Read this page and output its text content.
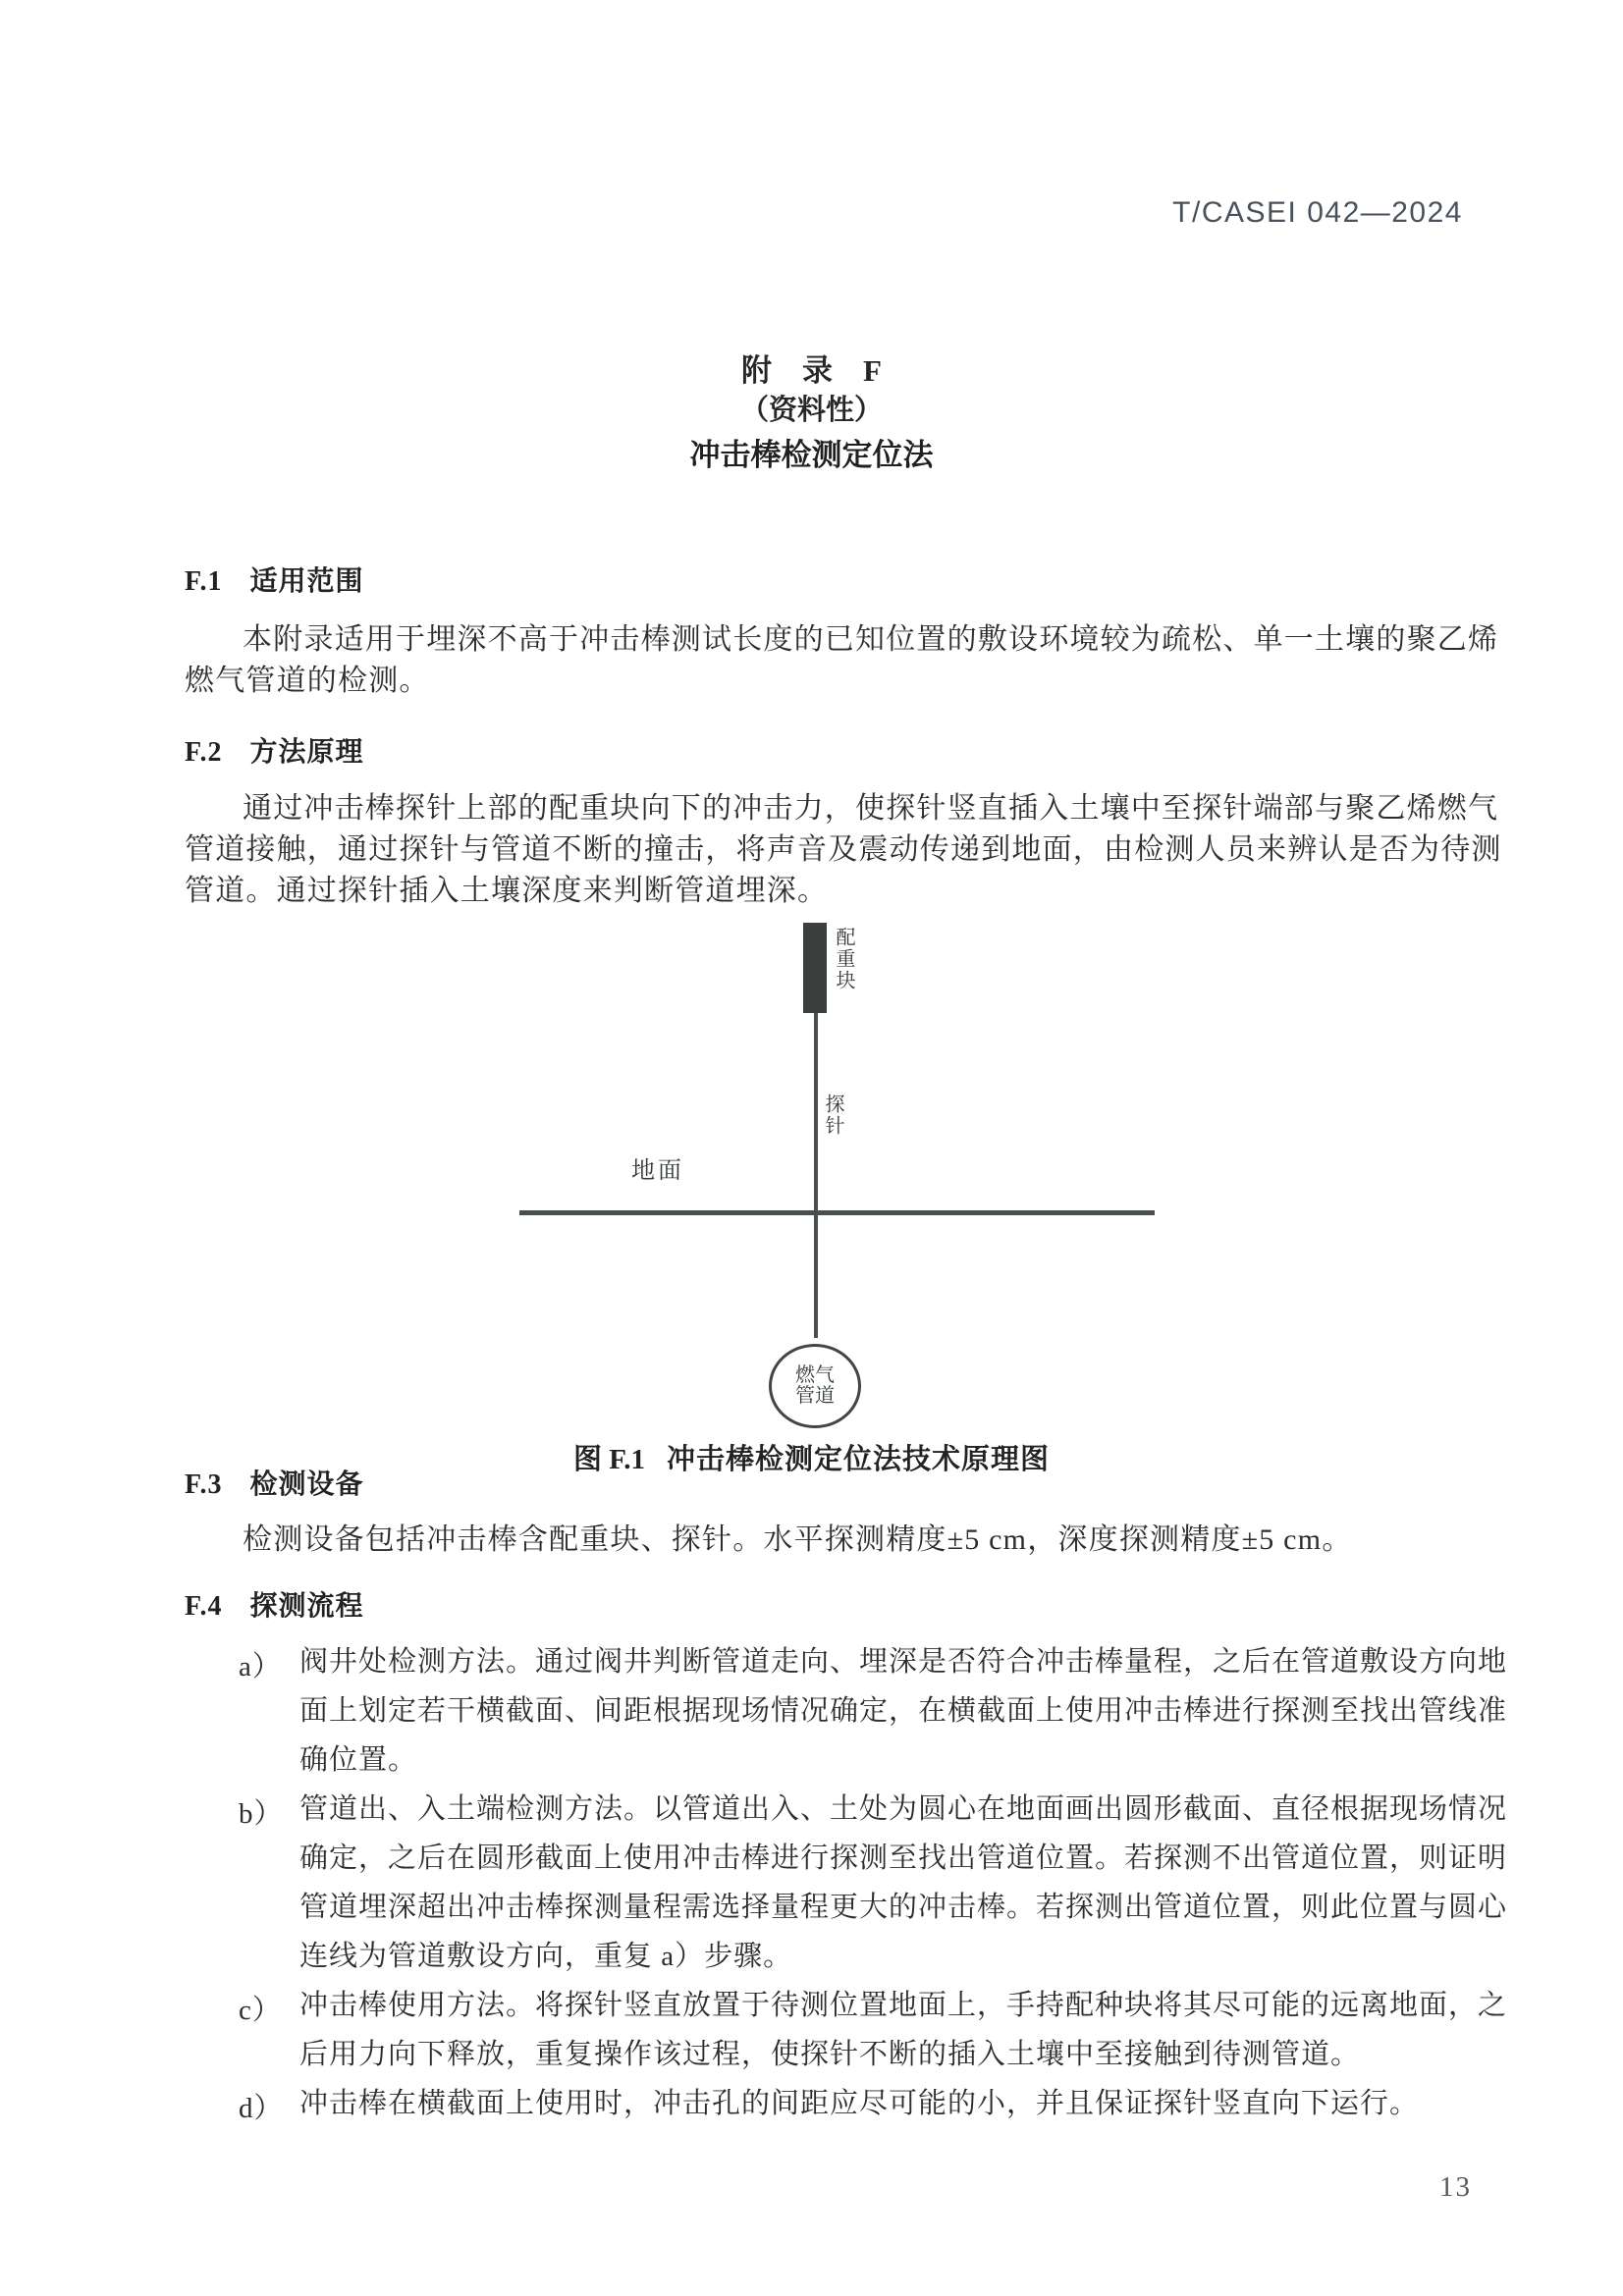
T/CASEI 042—2024
附　录　F
（资料性）
冲击棒检测定位法
F.1 适用范围
本附录适用于埋深不高于冲击棒测试长度的已知位置的敷设环境较为疏松、单一土壤的聚乙烯
燃气管道的检测。
F.2 方法原理
通过冲击棒探针上部的配重块向下的冲击力，使探针竖直插入土壤中至探针端部与聚乙烯燃气
管道接触，通过探针与管道不断的撞击，将声音及震动传递到地面，由检测人员来辨认是否为待测
管道。通过探针插入土壤深度来判断管道埋深。
配重块
探针
地面
燃气管道
图 F.1 冲击棒检测定位法技术原理图
F.3 检测设备
检测设备包括冲击棒含配重块、探针。水平探测精度±5 cm，深度探测精度±5 cm。
F.4 探测流程
a） 阀井处检测方法。通过阀井判断管道走向、埋深是否符合冲击棒量程，之后在管道敷设方向地
面上划定若干横截面、间距根据现场情况确定，在横截面上使用冲击棒进行探测至找出管线准
确位置。
b） 管道出、入土端检测方法。以管道出入、土处为圆心在地面画出圆形截面、直径根据现场情况
确定，之后在圆形截面上使用冲击棒进行探测至找出管道位置。若探测不出管道位置，则证明
管道埋深超出冲击棒探测量程需选择量程更大的冲击棒。若探测出管道位置，则此位置与圆心
连线为管道敷设方向，重复 a）步骤。
c） 冲击棒使用方法。将探针竖直放置于待测位置地面上，手持配种块将其尽可能的远离地面，之
后用力向下释放，重复操作该过程，使探针不断的插入土壤中至接触到待测管道。
d） 冲击棒在横截面上使用时，冲击孔的间距应尽可能的小，并且保证探针竖直向下运行。
13
